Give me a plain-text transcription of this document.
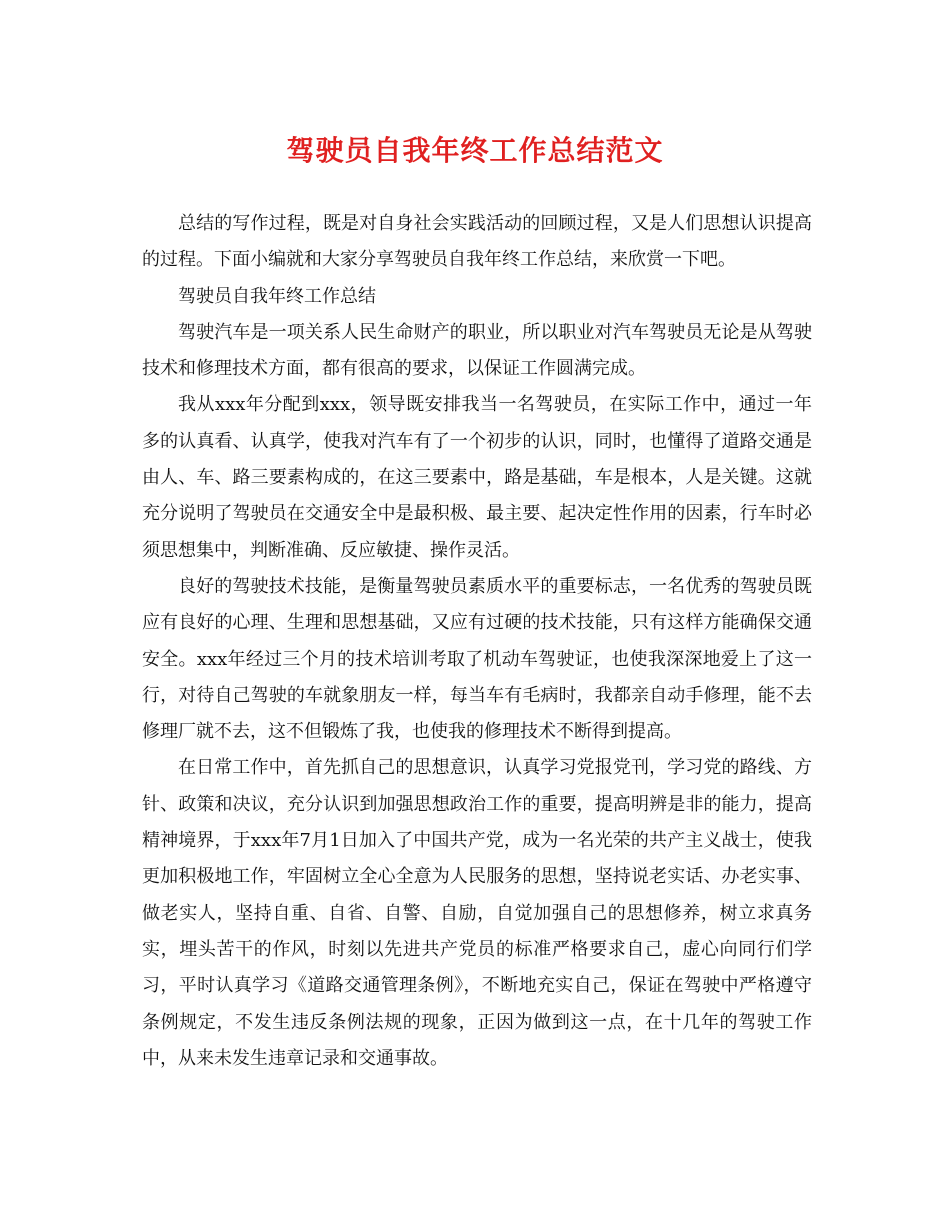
驾驶员自我年终工作总结范文

总结的写作过程，既是对自身社会实践活动的回顾过程，又是人们思想认识提高的过程。下面小编就和大家分享驾驶员自我年终工作总结，来欣赏一下吧。

驾驶员自我年终工作总结

驾驶汽车是一项关系人民生命财产的职业，所以职业对汽车驾驶员无论是从驾驶技术和修理技术方面，都有很高的要求，以保证工作圆满完成。

我从xxx年分配到xxx，领导既安排我当一名驾驶员，在实际工作中，通过一年多的认真看、认真学，使我对汽车有了一个初步的认识，同时，也懂得了道路交通是由人、车、路三要素构成的，在这三要素中，路是基础，车是根本，人是关键。这就充分说明了驾驶员在交通安全中是最积极、最主要、起决定性作用的因素，行车时必须思想集中，判断准确、反应敏捷、操作灵活。

良好的驾驶技术技能，是衡量驾驶员素质水平的重要标志，一名优秀的驾驶员既应有良好的心理、生理和思想基础，又应有过硬的技术技能，只有这样方能确保交通安全。xxx年经过三个月的技术培训考取了机动车驾驶证，也使我深深地爱上了这一行，对待自己驾驶的车就象朋友一样，每当车有毛病时，我都亲自动手修理，能不去修理厂就不去，这不但锻炼了我，也使我的修理技术不断得到提高。

在日常工作中，首先抓自己的思想意识，认真学习党报党刊，学习党的路线、方针、政策和决议，充分认识到加强思想政治工作的重要，提高明辨是非的能力，提高精神境界，于xxx年7月1日加入了中国共产党，成为一名光荣的共产主义战士，使我更加积极地工作，牢固树立全心全意为人民服务的思想，坚持说老实话、办老实事、做老实人，坚持自重、自省、自警、自励，自觉加强自己的思想修养，树立求真务实，埋头苦干的作风，时刻以先进共产党员的标准严格要求自己，虚心向同行们学习，平时认真学习《道路交通管理条例》，不断地充实自己，保证在驾驶中严格遵守条例规定，不发生违反条例法规的现象，正因为做到这一点，在十几年的驾驶工作中，从来未发生违章记录和交通事故。
